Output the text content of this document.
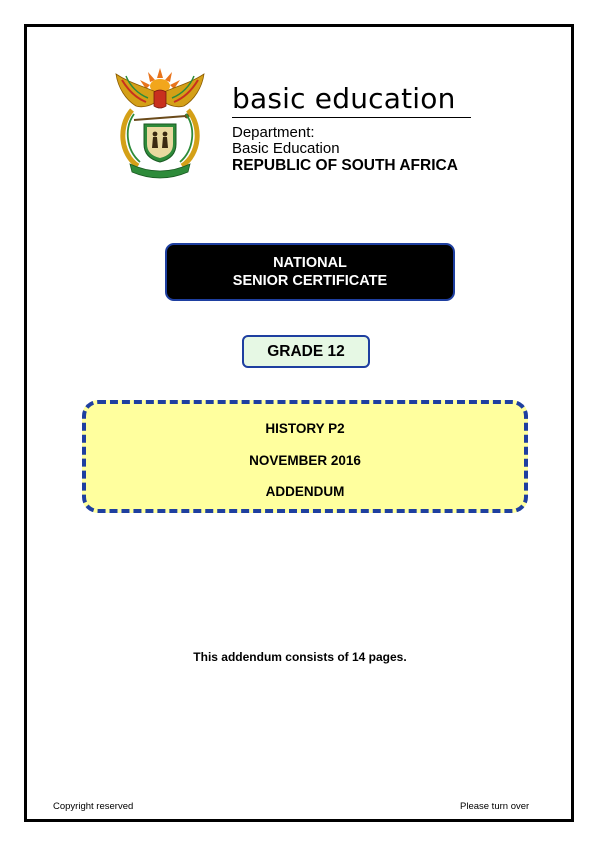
basic education
Department:
Basic Education
REPUBLIC OF SOUTH AFRICA
NATIONAL
SENIOR CERTIFICATE
GRADE 12
HISTORY P2
NOVEMBER 2016
ADDENDUM
This addendum consists of 14 pages.
Copyright reserved	Please turn over
